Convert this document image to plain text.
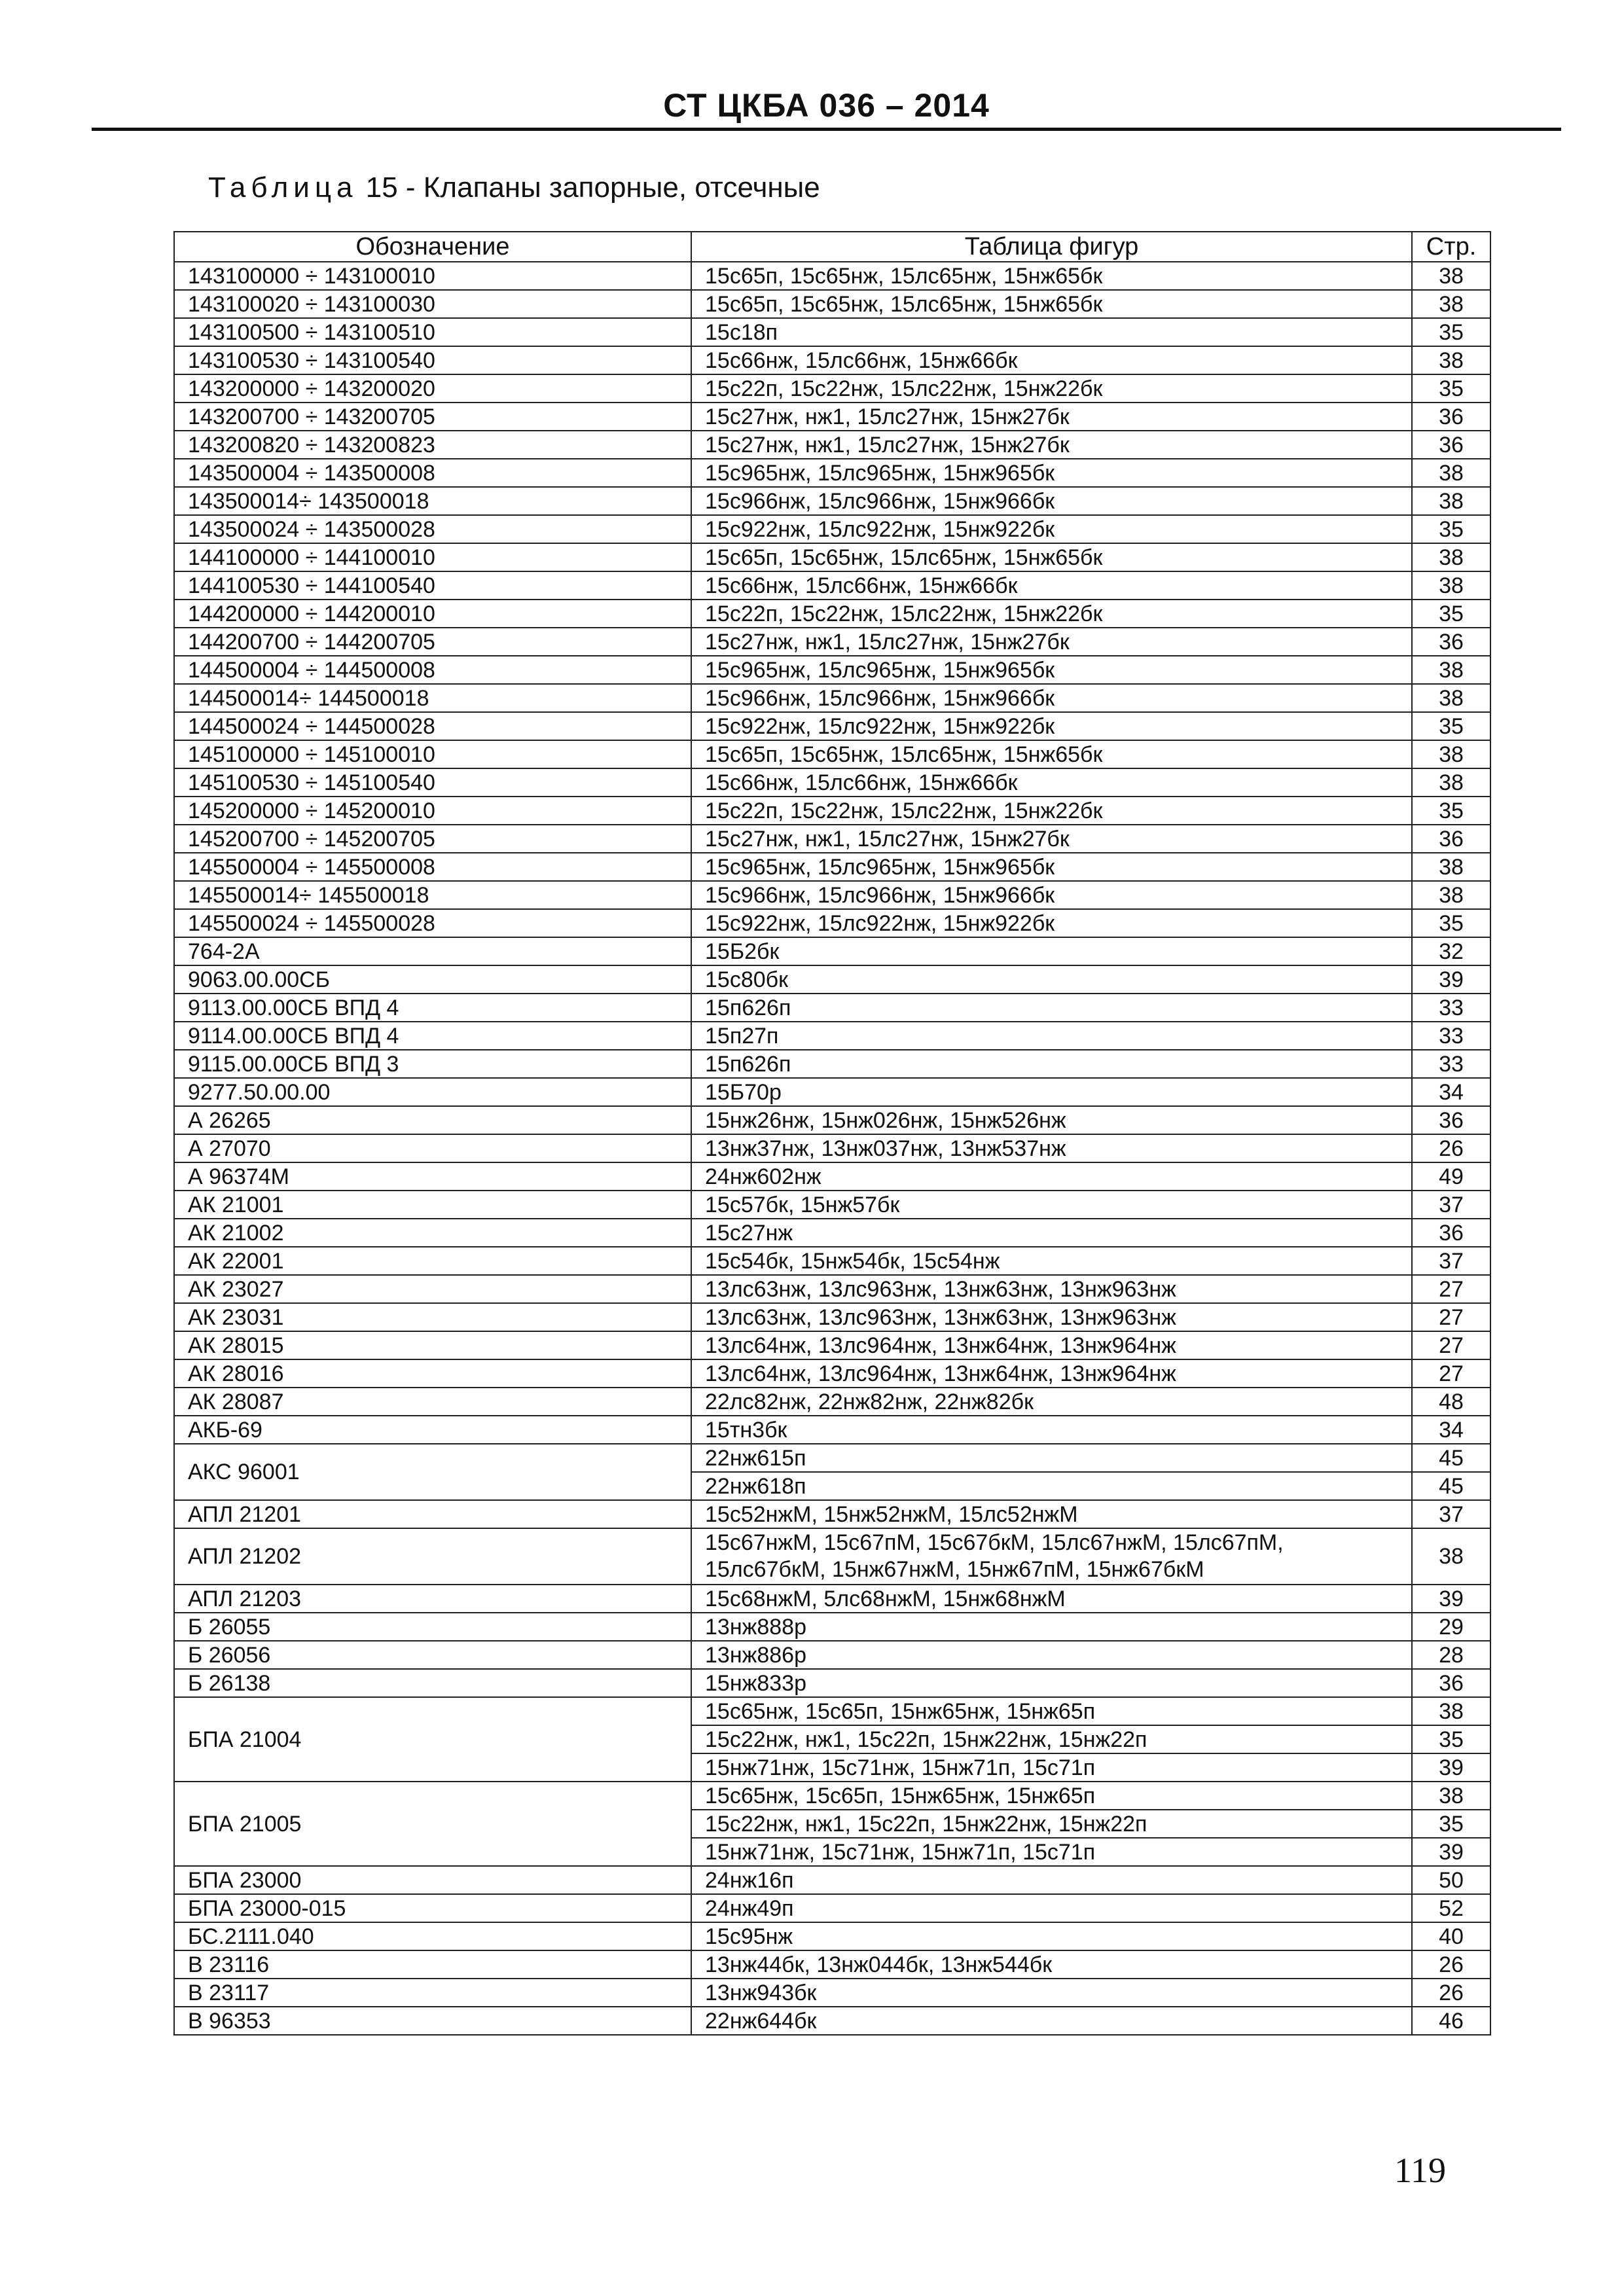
СТ ЦКБА 036 – 2014
Таблица 15 - Клапаны запорные, отсечные
Обозначение	Таблица фигур	Стр.
143100000 ÷ 143100010	15с65п, 15с65нж, 15лс65нж, 15нж65бк	38
143100020 ÷ 143100030	15с65п, 15с65нж, 15лс65нж, 15нж65бк	38
143100500 ÷ 143100510	15с18п	35
143100530 ÷ 143100540	15с66нж, 15лс66нж, 15нж66бк	38
143200000 ÷ 143200020	15с22п, 15с22нж, 15лс22нж, 15нж22бк	35
143200700 ÷ 143200705	15с27нж, нж1, 15лс27нж, 15нж27бк	36
143200820 ÷ 143200823	15с27нж, нж1, 15лс27нж, 15нж27бк	36
143500004 ÷ 143500008	15с965нж, 15лс965нж, 15нж965бк	38
143500014÷ 143500018	15с966нж, 15лс966нж, 15нж966бк	38
143500024 ÷ 143500028	15с922нж, 15лс922нж, 15нж922бк	35
144100000 ÷ 144100010	15с65п, 15с65нж, 15лс65нж, 15нж65бк	38
144100530 ÷ 144100540	15с66нж, 15лс66нж, 15нж66бк	38
144200000 ÷ 144200010	15с22п, 15с22нж, 15лс22нж, 15нж22бк	35
144200700 ÷ 144200705	15с27нж, нж1, 15лс27нж, 15нж27бк	36
144500004 ÷ 144500008	15с965нж, 15лс965нж, 15нж965бк	38
144500014÷ 144500018	15с966нж, 15лс966нж, 15нж966бк	38
144500024 ÷ 144500028	15с922нж, 15лс922нж, 15нж922бк	35
145100000 ÷ 145100010	15с65п, 15с65нж, 15лс65нж, 15нж65бк	38
145100530 ÷ 145100540	15с66нж, 15лс66нж, 15нж66бк	38
145200000 ÷ 145200010	15с22п, 15с22нж, 15лс22нж, 15нж22бк	35
145200700 ÷ 145200705	15с27нж, нж1, 15лс27нж, 15нж27бк	36
145500004 ÷ 145500008	15с965нж, 15лс965нж, 15нж965бк	38
145500014÷ 145500018	15с966нж, 15лс966нж, 15нж966бк	38
145500024 ÷ 145500028	15с922нж, 15лс922нж, 15нж922бк	35
764-2А	15Б2бк	32
9063.00.00СБ	15с80бк	39
9113.00.00СБ ВПД 4	15п626п	33
9114.00.00СБ ВПД 4	15п27п	33
9115.00.00СБ ВПД 3	15п626п	33
9277.50.00.00	15Б70р	34
А 26265	15нж26нж, 15нж026нж, 15нж526нж	36
А 27070	13нж37нж, 13нж037нж, 13нж537нж	26
А 96374М	24нж602нж	49
АК 21001	15с57бк, 15нж57бк	37
АК 21002	15с27нж	36
АК 22001	15с54бк, 15нж54бк, 15с54нж	37
АК 23027	13лс63нж, 13лс963нж, 13нж63нж, 13нж963нж	27
АК 23031	13лс63нж, 13лс963нж, 13нж63нж, 13нж963нж	27
АК 28015	13лс64нж, 13лс964нж, 13нж64нж, 13нж964нж	27
АК 28016	13лс64нж, 13лс964нж, 13нж64нж, 13нж964нж	27
АК 28087	22лс82нж, 22нж82нж, 22нж82бк	48
АКБ-69	15тн3бк	34
АКС 96001	22нж615п	45
	22нж618п	45
АПЛ 21201	15с52нжМ, 15нж52нжМ, 15лс52нжМ	37
АПЛ 21202	15с67нжМ, 15с67пМ, 15с67бкМ, 15лс67нжМ, 15лс67пМ,
15лс67бкМ, 15нж67нжМ, 15нж67пМ, 15нж67бкМ	38
АПЛ 21203	15с68нжМ, 5лс68нжМ, 15нж68нжМ	39
Б 26055	13нж888р	29
Б 26056	13нж886р	28
Б 26138	15нж833р	36
БПА 21004	15с65нж, 15с65п, 15нж65нж, 15нж65п	38
	15с22нж, нж1, 15с22п, 15нж22нж, 15нж22п	35
	15нж71нж, 15с71нж, 15нж71п, 15с71п	39
БПА 21005	15с65нж, 15с65п, 15нж65нж, 15нж65п	38
	15с22нж, нж1, 15с22п, 15нж22нж, 15нж22п	35
	15нж71нж, 15с71нж, 15нж71п, 15с71п	39
БПА 23000	24нж16п	50
БПА 23000-015	24нж49п	52
БС.2111.040	15с95нж	40
В 23116	13нж44бк, 13нж044бк, 13нж544бк	26
В 23117	13нж943бк	26
В 96353	22нж644бк	46
119
